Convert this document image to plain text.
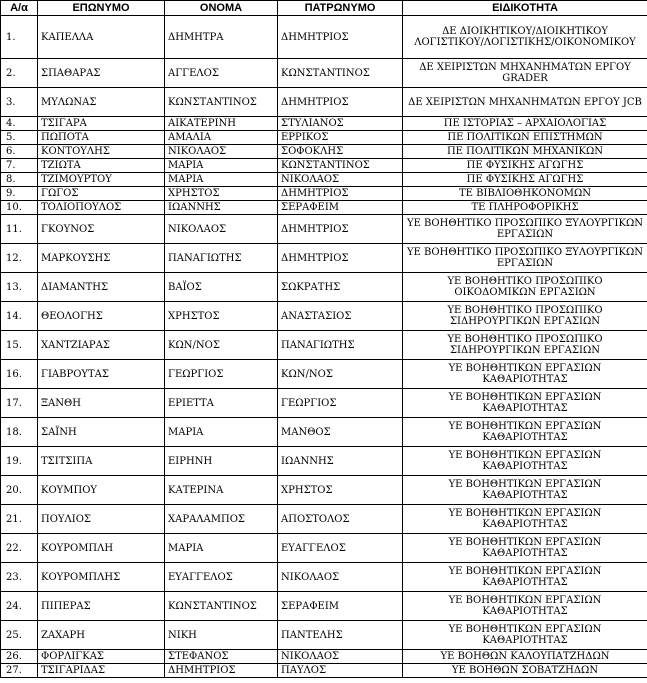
Α/α	ΕΠΩΝΥΜΟ	ΟΝΟΜΑ	ΠΑΤΡΩΝΥΜΟ	ΕΙΔΙΚΟΤΗΤΑ
1.	ΚΑΠΕΛΛΑ	ΔΗΜΗΤΡΑ	ΔΗΜΗΤΡΙΟΣ	ΔΕ ΔΙΟΙΚΗΤΙΚΟΥ/ΔΙΟΙΚΗΤΙΚΟΥ ΛΟΓΙΣΤΙΚΟΥ/ΛΟΓΙΣΤΙΚΗΣ/ΟΙΚΟΝΟΜΙΚΟΥ
2.	ΣΠΑΘΑΡΑΣ	ΑΓΓΕΛΟΣ	ΚΩΝΣΤΑΝΤΙΝΟΣ	ΔΕ ΧΕΙΡΙΣΤΩΝ ΜΗΧΑΝΗΜΑΤΩΝ ΕΡΓΟΥ GRADER
3.	ΜΥΛΩΝΑΣ	ΚΩΝΣΤΑΝΤΙΝΟΣ	ΔΗΜΗΤΡΙΟΣ	ΔΕ ΧΕΙΡΙΣΤΩΝ ΜΗΧΑΝΗΜΑΤΩΝ ΕΡΓΟΥ JCB
4.	ΤΣΙΓΑΡΑ	ΑΙΚΑΤΕΡΙΝΗ	ΣΤΥΛΙΑΝΟΣ	ΠΕ ΙΣΤΟΡΙΑΣ – ΑΡΧΑΙΟΛΟΓΙΑΣ
5.	ΠΩΠΟΤΑ	ΑΜΑΛΙΑ	ΕΡΡΙΚΟΣ	ΠΕ ΠΟΛΙΤΙΚΩΝ ΕΠΙΣΤΗΜΩΝ
6.	ΚΟΝΤΟΥΛΗΣ	ΝΙΚΟΛΑΟΣ	ΣΟΦΟΚΛΗΣ	ΠΕ ΠΟΛΙΤΙΚΩΝ ΜΗΧΑΝΙΚΩΝ
7.	ΤΖΙΩΤΑ	ΜΑΡΙΑ	ΚΩΝΣΤΑΝΤΙΝΟΣ	ΠΕ ΦΥΣΙΚΗΣ ΑΓΩΓΗΣ
8.	ΤΖΙΜΟΥΡΤΟΥ	ΜΑΡΙΑ	ΝΙΚΟΛΑΟΣ	ΠΕ ΦΥΣΙΚΗΣ ΑΓΩΓΗΣ
9.	ΓΩΓΟΣ	ΧΡΗΣΤΟΣ	ΔΗΜΗΤΡΙΟΣ	ΤΕ ΒΙΒΛΙΟΘΗΚΟΝΟΜΩΝ
10.	ΤΟΛΙΟΠΟΥΛΟΣ	ΙΩΑΝΝΗΣ	ΣΕΡΑΦΕΙΜ	ΤΕ ΠΛΗΡΟΦΟΡΙΚΗΣ
11.	ΓΚΟΥΝΟΣ	ΝΙΚΟΛΑΟΣ	ΔΗΜΗΤΡΙΟΣ	ΥΕ ΒΟΗΘΗΤΙΚΟ ΠΡΟΣΩΠΙΚΟ ΞΥΛΟΥΡΓΙΚΩΝ ΕΡΓΑΣΙΩΝ
12.	ΜΑΡΚΟΥΣΗΣ	ΠΑΝΑΓΙΩΤΗΣ	ΔΗΜΗΤΡΙΟΣ	ΥΕ ΒΟΗΘΗΤΙΚΟ ΠΡΟΣΩΠΙΚΟ ΞΥΛΟΥΡΓΙΚΩΝ ΕΡΓΑΣΙΩΝ
13.	ΔΙΑΜΑΝΤΗΣ	ΒΑΪΟΣ	ΣΩΚΡΑΤΗΣ	ΥΕ ΒΟΗΘΗΤΙΚΟ ΠΡΟΣΩΠΙΚΟ ΟΙΚΟΔΟΜΙΚΩΝ ΕΡΓΑΣΙΩΝ
14.	ΘΕΟΛΟΓΗΣ	ΧΡΗΣΤΟΣ	ΑΝΑΣΤΑΣΙΟΣ	ΥΕ ΒΟΗΘΗΤΙΚΟ ΠΡΟΣΩΠΙΚΟ ΣΙΔΗΡΟΥΡΓΙΚΩΝ ΕΡΓΑΣΙΩΝ
15.	ΧΑΝΤΖΙΑΡΑΣ	ΚΩΝ/ΝΟΣ	ΠΑΝΑΓΙΩΤΗΣ	ΥΕ ΒΟΗΘΗΤΙΚΟ ΠΡΟΣΩΠΙΚΟ ΣΙΔΗΡΟΥΡΓΙΚΩΝ ΕΡΓΑΣΙΩΝ
16.	ΓΙΑΒΡΟΥΤΑΣ	ΓΕΩΡΓΙΟΣ	ΚΩΝ/ΝΟΣ	ΥΕ ΒΟΗΘΗΤΙΚΩΝ ΕΡΓΑΣΙΩΝ ΚΑΘΑΡΙΟΤΗΤΑΣ
17.	ΞΑΝΘΗ	ΕΡΙΕΤΤΑ	ΓΕΩΡΓΙΟΣ	ΥΕ ΒΟΗΘΗΤΙΚΩΝ ΕΡΓΑΣΙΩΝ ΚΑΘΑΡΙΟΤΗΤΑΣ
18.	ΣΑΪΝΗ	ΜΑΡΙΑ	ΜΑΝΘΟΣ	ΥΕ ΒΟΗΘΗΤΙΚΩΝ ΕΡΓΑΣΙΩΝ ΚΑΘΑΡΙΟΤΗΤΑΣ
19.	ΤΣΙΤΣΙΠΑ	ΕΙΡΗΝΗ	ΙΩΑΝΝΗΣ	ΥΕ ΒΟΗΘΗΤΙΚΩΝ ΕΡΓΑΣΙΩΝ ΚΑΘΑΡΙΟΤΗΤΑΣ
20.	ΚΟΥΜΠΟΥ	ΚΑΤΕΡΙΝΑ	ΧΡΗΣΤΟΣ	ΥΕ ΒΟΗΘΗΤΙΚΩΝ ΕΡΓΑΣΙΩΝ ΚΑΘΑΡΙΟΤΗΤΑΣ
21.	ΠΟΥΛΙΟΣ	ΧΑΡΑΛΑΜΠΟΣ	ΑΠΟΣΤΟΛΟΣ	ΥΕ ΒΟΗΘΗΤΙΚΩΝ ΕΡΓΑΣΙΩΝ ΚΑΘΑΡΙΟΤΗΤΑΣ
22.	ΚΟΥΡΟΜΠΛΗ	ΜΑΡΙΑ	ΕΥΑΓΓΕΛΟΣ	ΥΕ ΒΟΗΘΗΤΙΚΩΝ ΕΡΓΑΣΙΩΝ ΚΑΘΑΡΙΟΤΗΤΑΣ
23.	ΚΟΥΡΟΜΠΛΗΣ	ΕΥΑΓΓΕΛΟΣ	ΝΙΚΟΛΑΟΣ	ΥΕ ΒΟΗΘΗΤΙΚΩΝ ΕΡΓΑΣΙΩΝ ΚΑΘΑΡΙΟΤΗΤΑΣ
24.	ΠΙΠΕΡΑΣ	ΚΩΝΣΤΑΝΤΙΝΟΣ	ΣΕΡΑΦΕΙΜ	ΥΕ ΒΟΗΘΗΤΙΚΩΝ ΕΡΓΑΣΙΩΝ ΚΑΘΑΡΙΟΤΗΤΑΣ
25.	ΖΑΧΑΡΗ	ΝΙΚΗ	ΠΑΝΤΕΛΗΣ	ΥΕ ΒΟΗΘΗΤΙΚΩΝ ΕΡΓΑΣΙΩΝ ΚΑΘΑΡΙΟΤΗΤΑΣ
26.	ΦΟΡΛΙΓΚΑΣ	ΣΤΕΦΑΝΟΣ	ΝΙΚΟΛΑΟΣ	ΥΕ ΒΟΗΘΩΝ ΚΑΛΟΥΠΑΤΖΗΔΩΝ
27.	ΤΣΙΓΑΡΙΔΑΣ	ΔΗΜΗΤΡΙΟΣ	ΠΑΥΛΟΣ	ΥΕ ΒΟΗΘΩΝ ΣΟΒΑΤΖΗΔΩΝ
